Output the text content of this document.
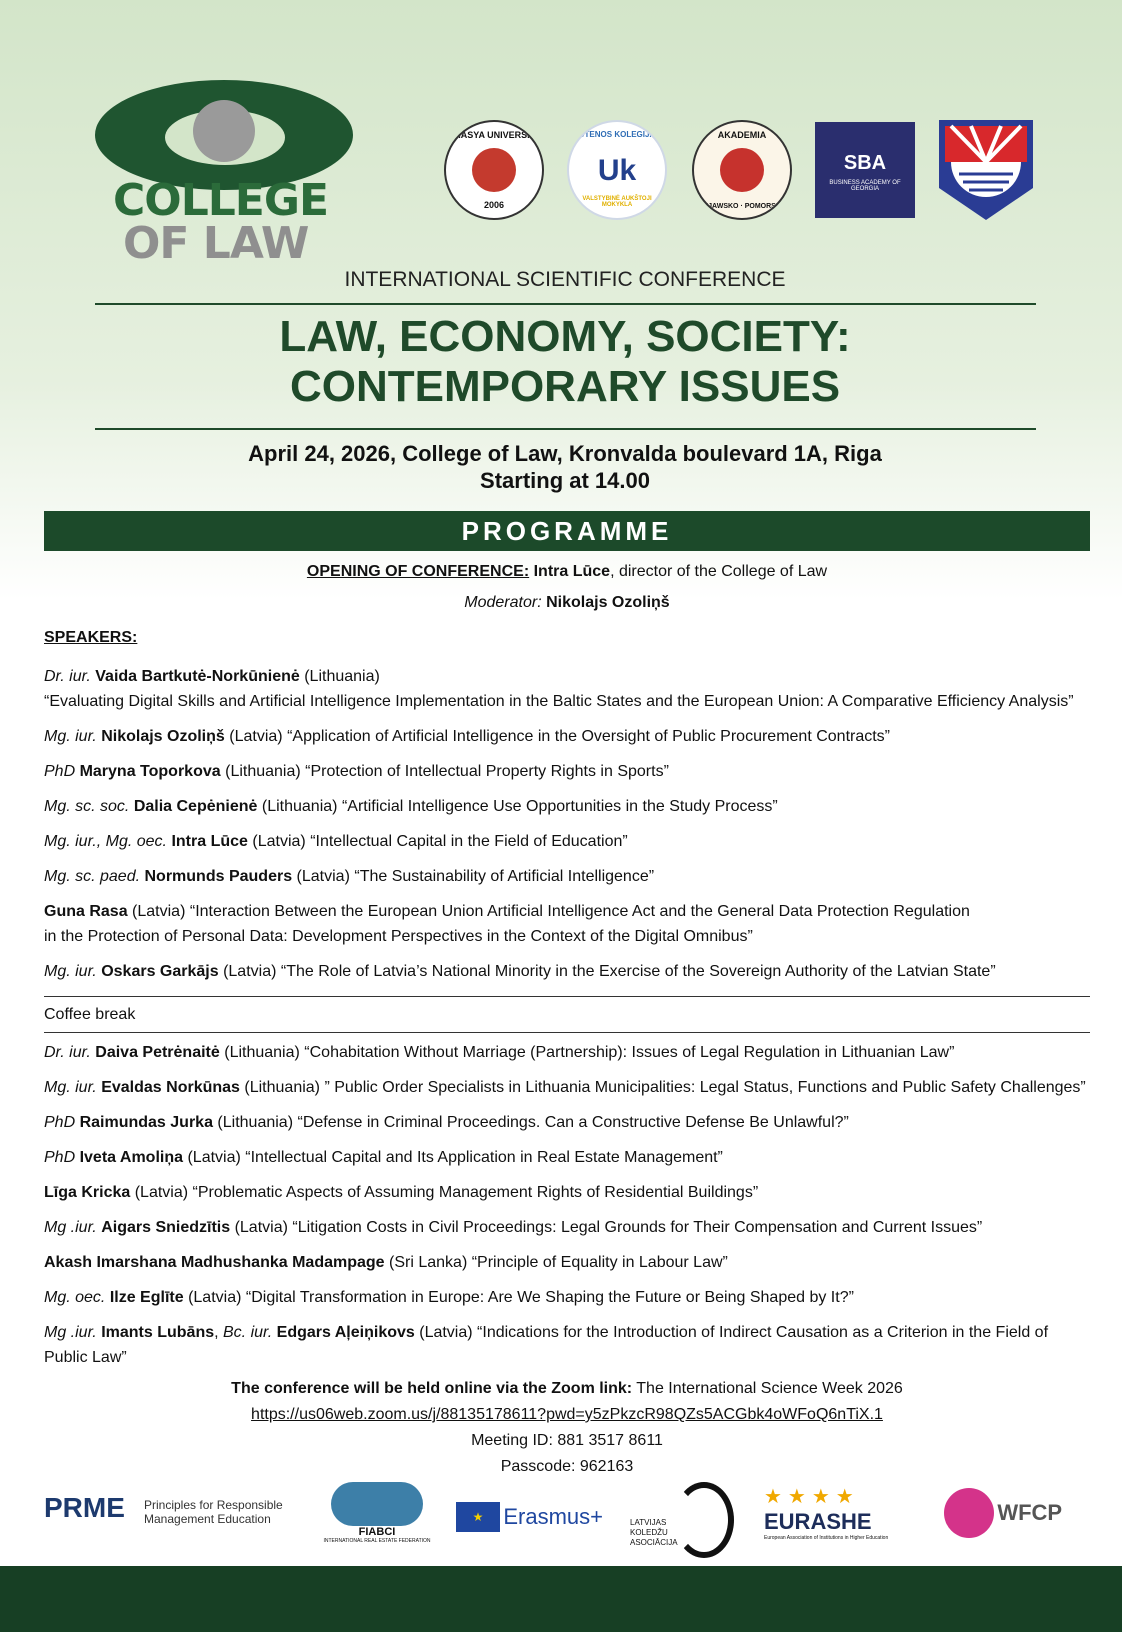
COLLEGE
OF LAW
AMASYA UNIVERSITY
2006
UTENOS KOLEGIJA
Uk
VALSTYBINĖ AUKŠTOJI MOKYKLA
AKADEMIA
KUJAWSKO · POMORSKA
SBA
BUSINESS ACADEMY OF GEORGIA
INTERNATIONAL SCIENTIFIC CONFERENCE
LAW, ECONOMY, SOCIETY:
CONTEMPORARY ISSUES
April 24, 2026, College of Law, Kronvalda boulevard 1A, Riga
Starting at 14.00
PROGRAMME
OPENING OF CONFERENCE: Intra Lūce, director of the College of Law
Moderator: Nikolajs Ozoliņš
SPEAKERS:

Dr. iur. Vaida Bartkutė-Norkūnienė (Lithuania)
“Evaluating Digital Skills and Artificial Intelligence Implementation in the Baltic States and the European Union: A Comparative Efficiency Analysis”

Mg. iur. Nikolajs Ozoliņš (Latvia) “Application of Artificial Intelligence in the Oversight of Public Procurement Contracts”

PhD Maryna Toporkova (Lithuania) “Protection of Intellectual Property Rights in Sports”

Mg. sc. soc. Dalia Cepėnienė (Lithuania) “Artificial Intelligence Use Opportunities in the Study Process”

Mg. iur., Mg. oec. Intra Lūce (Latvia) “Intellectual Capital in the Field of Education”

Mg. sc. paed. Normunds Pauders (Latvia) “The Sustainability of Artificial Intelligence”

Guna Rasa (Latvia) “Interaction Between the European Union Artificial Intelligence Act and the General Data Protection Regulation
in the Protection of Personal Data: Development Perspectives in the Context of the Digital Omnibus”

Mg. iur. Oskars Garkājs (Latvia) “The Role of Latvia’s National Minority in the Exercise of the Sovereign Authority of the Latvian State”

Coffee break

Dr. iur. Daiva Petrėnaitė (Lithuania) “Cohabitation Without Marriage (Partnership): Issues of Legal Regulation in Lithuanian Law”

Mg. iur. Evaldas Norkūnas (Lithuania) ” Public Order Specialists in Lithuania Municipalities: Legal Status, Functions and Public Safety Challenges”

PhD Raimundas Jurka (Lithuania) “Defense in Criminal Proceedings. Can a Constructive Defense Be Unlawful?”

PhD Iveta Amoliņa (Latvia) “Intellectual Capital and Its Application in Real Estate Management”

Līga Kricka (Latvia) “Problematic Aspects of Assuming Management Rights of Residential Buildings”

Mg .iur. Aigars Sniedzītis (Latvia) “Litigation Costs in Civil Proceedings: Legal Grounds for Their Compensation and Current Issues”

Akash Imarshana Madhushanka Madampage (Sri Lanka) “Principle of Equality in Labour Law”

Mg. oec. Ilze Eglīte (Latvia) “Digital Transformation in Europe: Are We Shaping the Future or Being Shaped by It?”

Mg .iur. Imants Lubāns, Bc. iur. Edgars Aļeiņikovs (Latvia) “Indications for the Introduction of Indirect Causation as a Criterion in the Field of Public Law”

The conference will be held online via the Zoom link: The International Science Week 2026
https://us06web.zoom.us/j/88135178611?pwd=y5zPkzcR98QZs5ACGbk4oWFoQ6nTiX.1
Meeting ID: 881 3517 8611
Passcode: 962163
PRME Principles for Responsible
Management Education
FIABCI
INTERNATIONAL REAL ESTATE FEDERATION
★ Erasmus+	LATVIJAS
KOLEDŽU
ASOCIĀCIJA
★★★★
EURASHE
European Association of Institutions in Higher Education
WFCP
